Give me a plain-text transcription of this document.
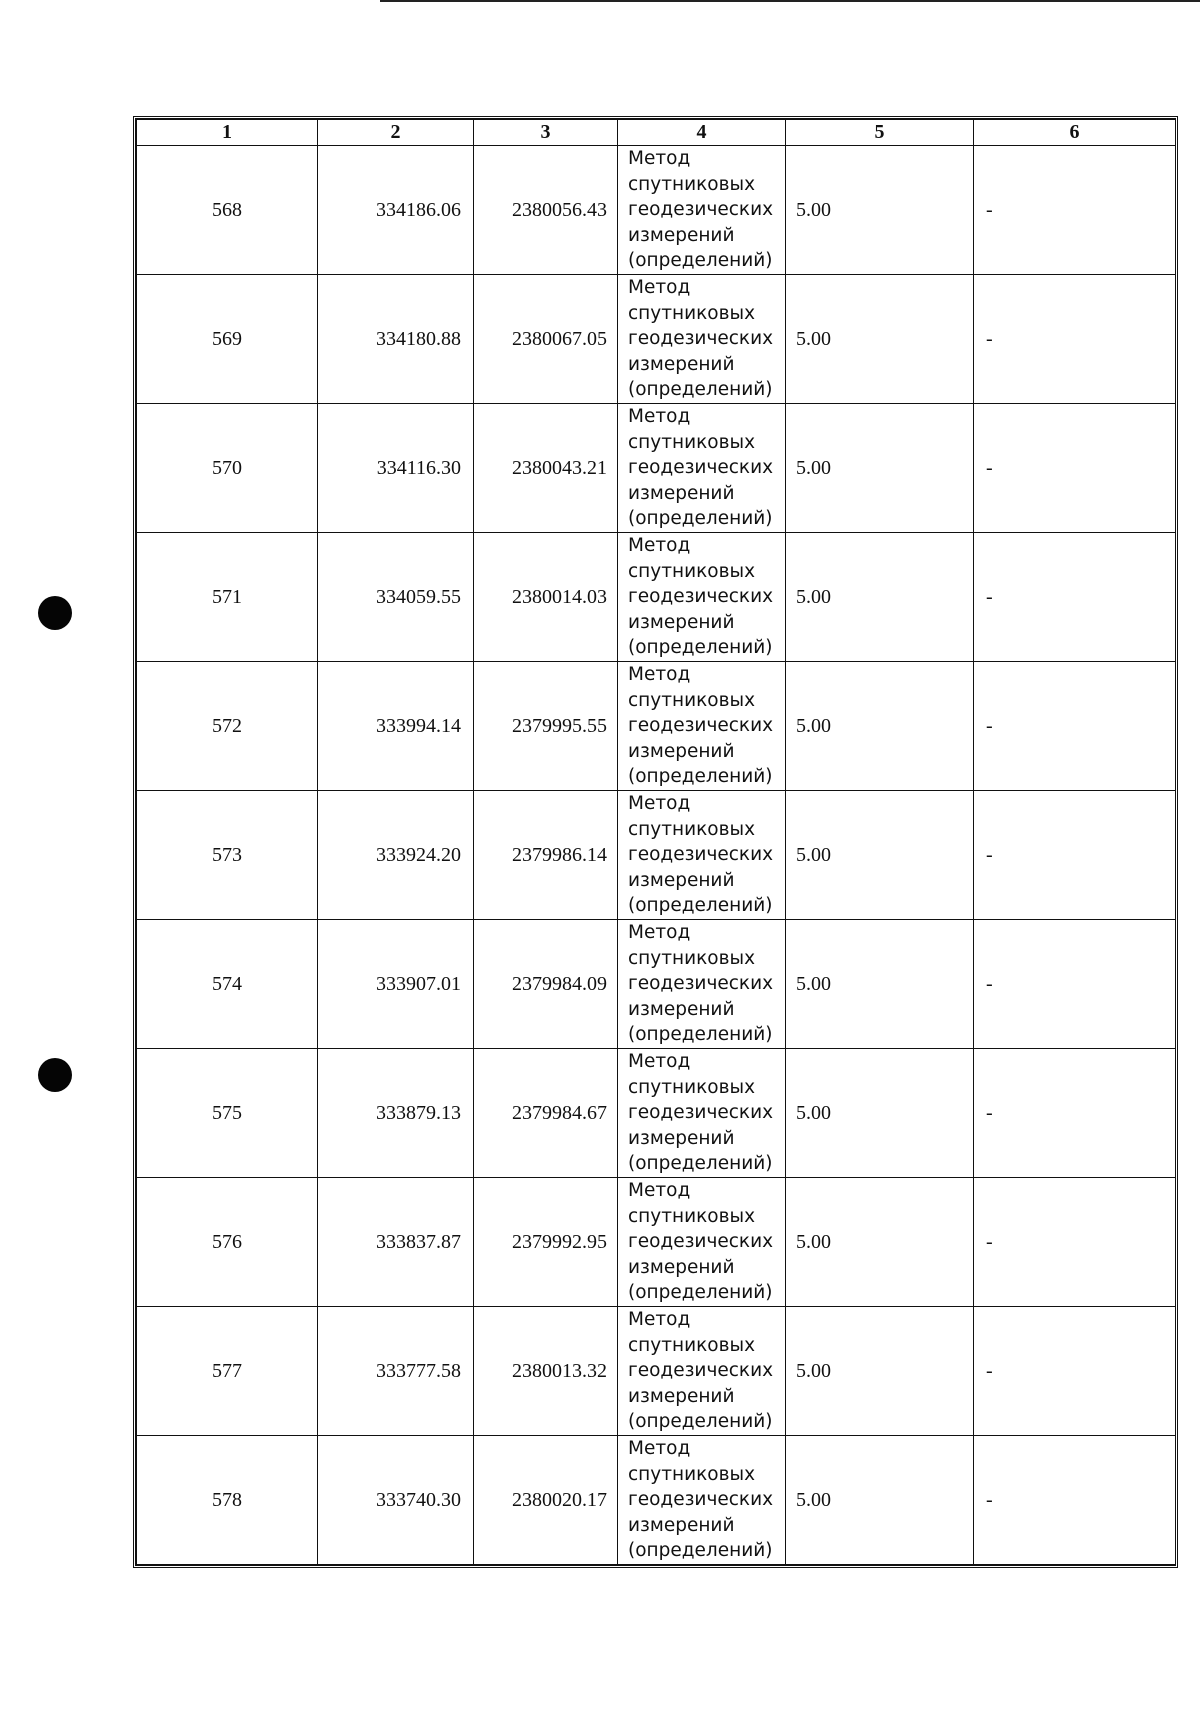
1	2	3	4	5	6
568	334186.06	2380056.43	Метод
спутниковых
геодезических
измерений
(определений)	5.00	-
569	334180.88	2380067.05	Метод
спутниковых
геодезических
измерений
(определений)	5.00	-
570	334116.30	2380043.21	Метод
спутниковых
геодезических
измерений
(определений)	5.00	-
571	334059.55	2380014.03	Метод
спутниковых
геодезических
измерений
(определений)	5.00	-
572	333994.14	2379995.55	Метод
спутниковых
геодезических
измерений
(определений)	5.00	-
573	333924.20	2379986.14	Метод
спутниковых
геодезических
измерений
(определений)	5.00	-
574	333907.01	2379984.09	Метод
спутниковых
геодезических
измерений
(определений)	5.00	-
575	333879.13	2379984.67	Метод
спутниковых
геодезических
измерений
(определений)	5.00	-
576	333837.87	2379992.95	Метод
спутниковых
геодезических
измерений
(определений)	5.00	-
577	333777.58	2380013.32	Метод
спутниковых
геодезических
измерений
(определений)	5.00	-
578	333740.30	2380020.17	Метод
спутниковых
геодезических
измерений
(определений)	5.00	-
